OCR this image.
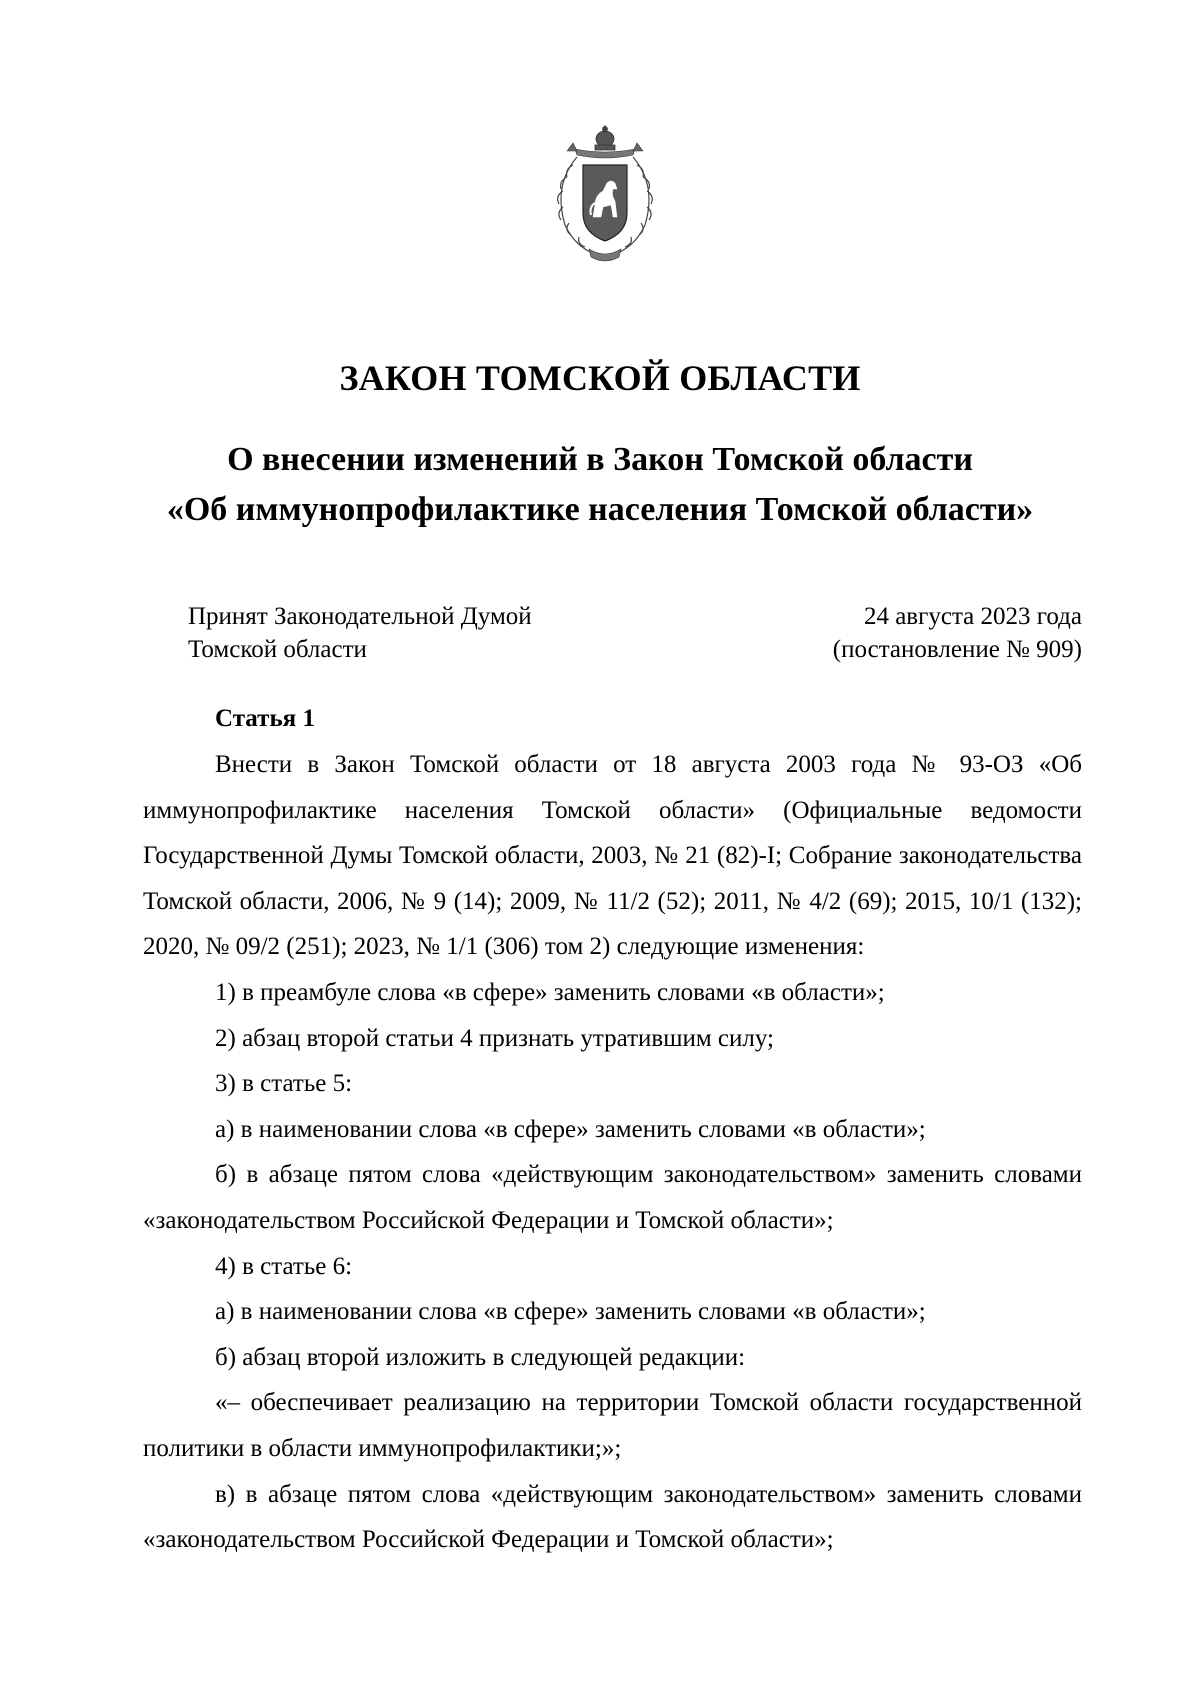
ЗАКОН ТОМСКОЙ ОБЛАСТИ
О внесении изменений в Закон Томской области
«Об иммунопрофилактике населения Томской области»
Принят Законодательной Думой
Томской области
24 августа 2023 года
(постановление № 909)
Статья 1

Внести в Закон Томской области от 18 августа 2003 года № 93-ОЗ «Об иммунопрофилактике населения Томской области» (Официальные ведомости Государственной Думы Томской области, 2003, № 21 (82)-I; Собрание законодательства Томской области, 2006, № 9 (14); 2009, № 11/2 (52); 2011, № 4/2 (69); 2015, 10/1 (132); 2020, № 09/2 (251); 2023, № 1/1 (306) том 2) следующие изменения:

1) в преамбуле слова «в сфере» заменить словами «в области»;

2) абзац второй статьи 4 признать утратившим силу;

3) в статье 5:

а) в наименовании слова «в сфере» заменить словами «в области»;

б) в абзаце пятом слова «действующим законодательством» заменить словами «законодательством Российской Федерации и Томской области»;

4) в статье 6:

а) в наименовании слова «в сфере» заменить словами «в области»;

б) абзац второй изложить в следующей редакции:

«– обеспечивает реализацию на территории Томской области государственной политики в области иммунопрофилактики;»;

в) в абзаце пятом слова «действующим законодательством» заменить словами «законодательством Российской Федерации и Томской области»;
